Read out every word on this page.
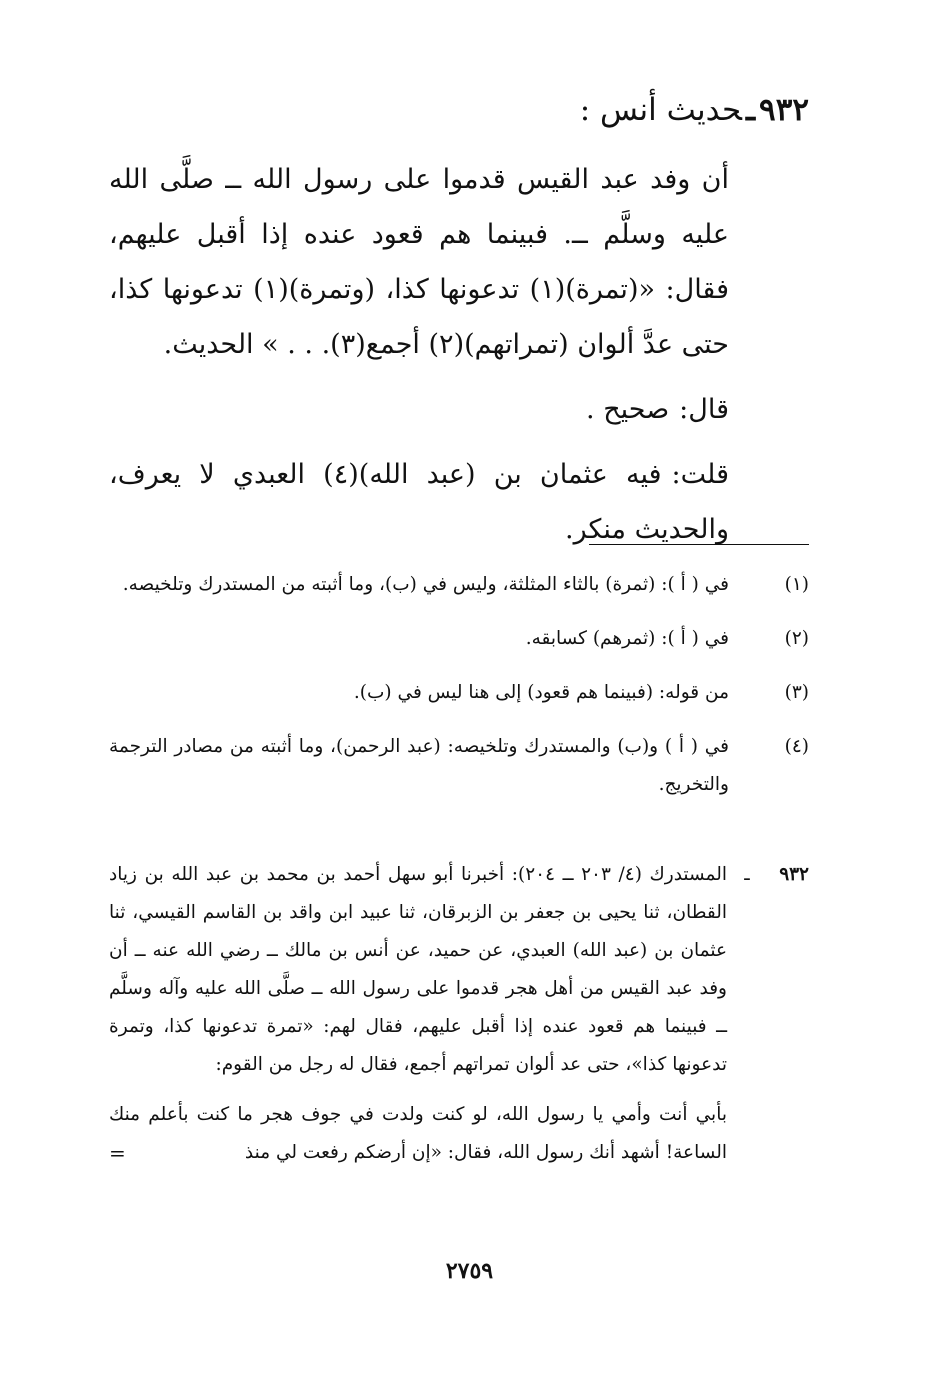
٩٣٢ـحديث أنس :

أن وفد عبد القيس قدموا على رسول الله ــ صلَّى الله عليه وسلَّم ــ. فبينما هم قعود عنده إذا أقبل عليهم، فقال: «(تمرة)(١) تدعونها كذا، (وتمرة)(١) تدعونها كذا، حتى عدَّ ألوان (تمراتهم)(٢) أجمع(٣). . . » الحديث.

قال:صحيح .

قلت:فيه عثمان بن (عبد الله)(٤) العبدي لا يعرف، والحديث منكر.

(١)
في ( أ ): (ثمرة) بالثاء المثلثة، وليس في (ب)، وما أثبته من المستدرك وتلخيصه.
(٢)
في ( أ ): (ثمرهم) كسابقه.
(٣)
من قوله: (فبينما هم قعود) إلى هنا ليس في (ب).
(٤)
في ( أ ) و(ب) والمستدرك وتلخيصه: (عبد الرحمن)، وما أثبته من مصادر الترجمة والتخريج.
٩٣٢
ـ
المستدرك (٤/ ٢٠٣ ــ ٢٠٤): أخبرنا أبو سهل أحمد بن محمد بن عبد الله بن زياد القطان، ثنا يحيى بن جعفر بن الزبرقان، ثنا عبيد ابن واقد بن القاسم القيسي، ثنا عثمان بن (عبد الله) العبدي، عن حميد، عن أنس بن مالك ــ رضي الله عنه ــ أن وفد عبد القيس من أهل هجر قدموا على رسول الله ــ صلَّى الله عليه وآله وسلَّم ــ فبينما هم قعود عنده إذا أقبل عليهم، فقال لهم: «تمرة تدعونها كذا، وتمرة تدعونها كذا»، حتى عد ألوان تمراتهم أجمع، فقال له رجل من القوم:
بأبي أنت وأمي يا رسول الله، لو كنت ولدت في جوف هجر ما كنت بأعلم منك الساعة! أشهد أنك رسول الله، فقال: «إن أرضكم رفعت لي منذ
=
٢٧٥٩
